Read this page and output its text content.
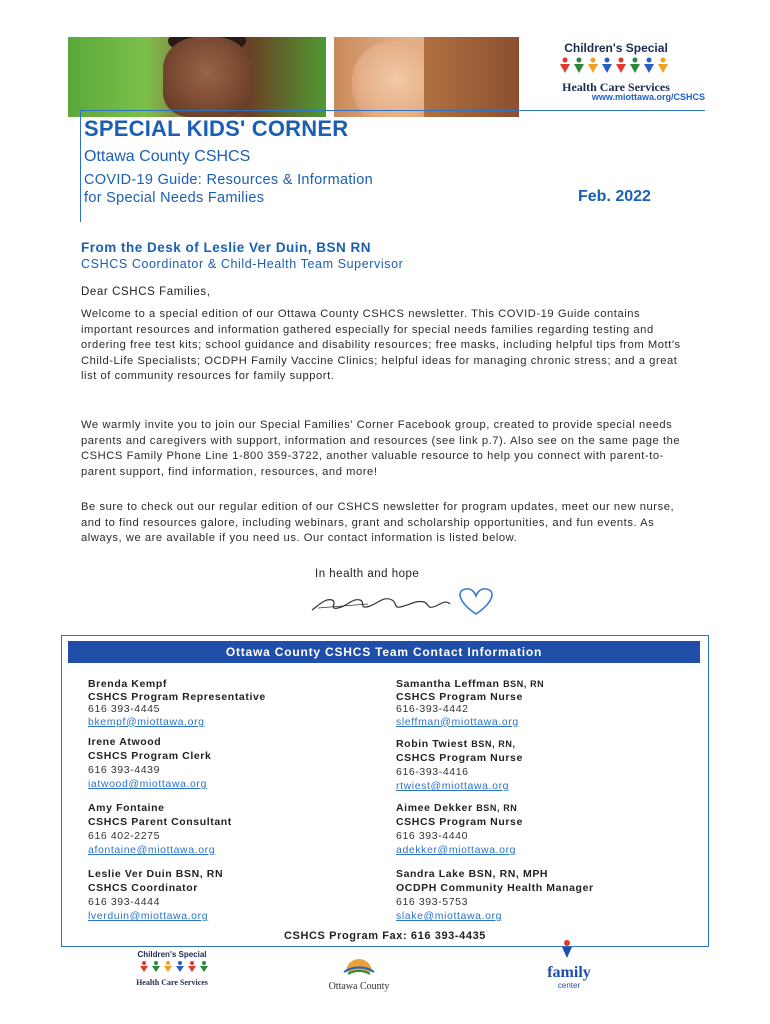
Children's Special
Health Care Services
www.miottawa.org/CSHCS
SPECIAL KIDS' CORNER
Ottawa County CSHCS
COVID-19 Guide: Resources & Information
for Special Needs Families	Feb. 2022
From the Desk of Leslie Ver Duin, BSN RN
CSHCS Coordinator & Child-Health Team Supervisor
Dear CSHCS Families,
Welcome to a special edition of our Ottawa County CSHCS newsletter. This COVID-19 Guide contains important resources and information gathered especially for special needs families regarding testing and ordering free test kits; school guidance and disability resources; free masks, including helpful tips from Mott's Child-Life Specialists; OCDPH Family Vaccine Clinics; helpful ideas for managing chronic stress; and a great list of community resources for family support.
We warmly invite you to join our Special Families' Corner Facebook group, created to provide special needs parents and caregivers with support, information and resources (see link p.7). Also see on the same page the CSHCS Family Phone Line 1-800 359-3722, another valuable resource to help you connect with parent-to-parent support, find information, resources, and more!
Be sure to check out our regular edition of our CSHCS newsletter for program updates, meet our new nurse, and to find resources galore, including webinars, grant and scholarship opportunities, and fun events. As always, we are available if you need us. Our contact information is listed below.
In health and hope
Ottawa County CSHCS Team Contact Information
Brenda Kempf
CSHCS Program Representative
616 393-4445
bkempf@miottawa.org
Irene Atwood
CSHCS Program Clerk
616 393-4439
iatwood@miottawa.org
Amy Fontaine
CSHCS Parent Consultant
616 402-2275
afontaine@miottawa.org
Leslie Ver Duin BSN, RN
CSHCS Coordinator
616 393-4444
lverduin@miottawa.org
Samantha Leffman BSN, RN
CSHCS Program Nurse
616-393-4442
sleffman@miottawa.org
Robin Twiest BSN, RN,
CSHCS Program Nurse
616-393-4416
rtwiest@miottawa.org
Aimee Dekker BSN, RN
CSHCS Program Nurse
616 393-4440
adekker@miottawa.org
Sandra Lake BSN, RN, MPH
OCDPH Community Health Manager
616 393-5753
slake@miottawa.org
CSHCS Program Fax: 616 393-4435
Children's Special
Health Care Services	Ottawa County
family
center
